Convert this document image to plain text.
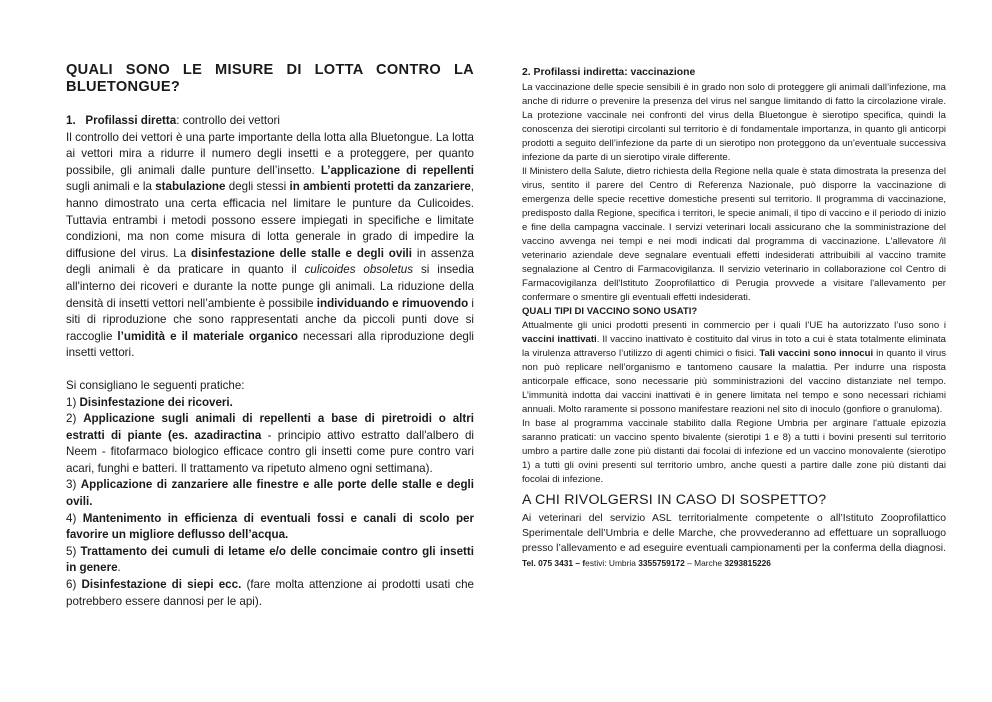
QUALI SONO LE MISURE DI LOTTA CONTRO LA BLUETONGUE?

1. Profilassi diretta: controllo dei vettori

Il controllo dei vettori è una parte importante della lotta alla Bluetongue. La lotta ai vettori mira a ridurre il numero degli insetti e a proteggere, per quanto possibile, gli animali dalle punture dell’insetto. L’applicazione di repellenti sugli animali e la stabulazione degli stessi in ambienti protetti da zanzariere, hanno dimostrato una certa efficacia nel limitare le punture da Culicoides. Tuttavia entrambi i metodi possono essere impiegati in specifiche e limitate condizioni, ma non come misura di lotta generale in grado di impedire la diffusione del virus. La disinfestazione delle stalle e degli ovili in assenza degli animali è da praticare in quanto il culicoides obsoletus si insedia all'interno dei ricoveri e durante la notte punge gli animali. La riduzione della densità di insetti vettori nell’ambiente è possibile individuando e rimuovendo i siti di riproduzione che sono rappresentati anche da piccoli punti dove si raccoglie l’umidità e il materiale organico necessari alla riproduzione degli insetti vettori.

Si consigliano le seguenti pratiche:

1) Disinfestazione dei ricoveri.

2) Applicazione sugli animali di repellenti a base di piretroidi o altri estratti di piante (es. azadiractina - principio attivo estratto dall'albero di Neem - fitofarmaco biologico efficace contro gli insetti come pure contro vari acari, funghi e batteri. Il trattamento va ripetuto almeno ogni settimana).

3) Applicazione di zanzariere alle finestre e alle porte delle stalle e degli ovili.

4) Mantenimento in efficienza di eventuali fossi e canali di scolo per favorire un migliore deflusso dell’acqua.

5) Trattamento dei cumuli di letame e/o delle concimaie contro gli insetti in genere.

6) Disinfestazione di siepi ecc. (fare molta attenzione ai prodotti usati che potrebbero essere dannosi per le api).

2. Profilassi indiretta: vaccinazione

La vaccinazione delle specie sensibili è in grado non solo di proteggere gli animali dall’infezione, ma anche di ridurre o prevenire la presenza del virus nel sangue limitando di fatto la circolazione virale. La protezione vaccinale nei confronti del virus della Bluetongue è sierotipo specifica, quindi la conoscenza dei sierotipi circolanti sul territorio è di fondamentale importanza, in quanto gli anticorpi prodotti a seguito dell’infezione da parte di un sierotipo non proteggono da un’eventuale successiva infezione da parte di un sierotipo virale differente.

Il Ministero della Salute, dietro richiesta della Regione nella quale è stata dimostrata la presenza del virus, sentito il parere del Centro di Referenza Nazionale, può disporre la vaccinazione di emergenza delle specie recettive domestiche presenti sul territorio. Il programma di vaccinazione, predisposto dalla Regione, specifica i territori, le specie animali, il tipo di vaccino e il periodo di inizio e fine della campagna vaccinale. I servizi veterinari locali assicurano che la somministrazione del vaccino avvenga nei tempi e nei modi indicati dal programma di vaccinazione. L'allevatore /il veterinario aziendale deve segnalare eventuali effetti indesiderati attribuibili al vaccino tramite segnalazione al Centro di Farmacovigilanza. Il servizio veterinario in collaborazione col Centro di Farmacovigilanza dell'Istituto Zooprofilattico di Perugia provvede a visitare l'allevamento per confermare o smentire gli eventuali effetti indesiderati.

QUALI TIPI DI VACCINO SONO USATI?

Attualmente gli unici prodotti presenti in commercio per i quali l’UE ha autorizzato l’uso sono i vaccini inattivati. Il vaccino inattivato è costituito dal virus in toto a cui è stata totalmente eliminata la virulenza attraverso l’utilizzo di agenti chimici o fisici. Tali vaccini sono innocui in quanto il virus non può replicare nell’organismo e tantomeno causare la malattia. Per indurre una risposta anticorpale efficace, sono necessarie più somministrazioni del vaccino distanziate nel tempo. L’immunità indotta dai vaccini inattivati è in genere limitata nel tempo e sono necessari richiami annuali. Molto raramente si possono manifestare reazioni nel sito di inoculo (gonfiore o granuloma).

In base al programma vaccinale stabilito dalla Regione Umbria per arginare l'attuale epizozia saranno praticati: un vaccino spento bivalente (sierotipi 1 e 8) a tutti i bovini presenti sul territorio umbro a partire dalle zone più distanti dai focolai di infezione ed un vaccino monovalente (sierotipo 1) a tutti gli ovini presenti sul territorio umbro, anche questi a partire dalle zone più distanti dai focolai di infezione.

A CHI RIVOLGERSI IN CASO DI SOSPETTO?

Ai veterinari del servizio ASL territorialmente competente o all’Istituto Zooprofilattico Sperimentale dell’Umbria e delle Marche, che provvederanno ad effettuare un sopralluogo presso l’allevamento e ad eseguire eventuali campionamenti per la conferma della diagnosi. Tel. 075 3431 – festivi: Umbria 3355759172 – Marche 3293815226
